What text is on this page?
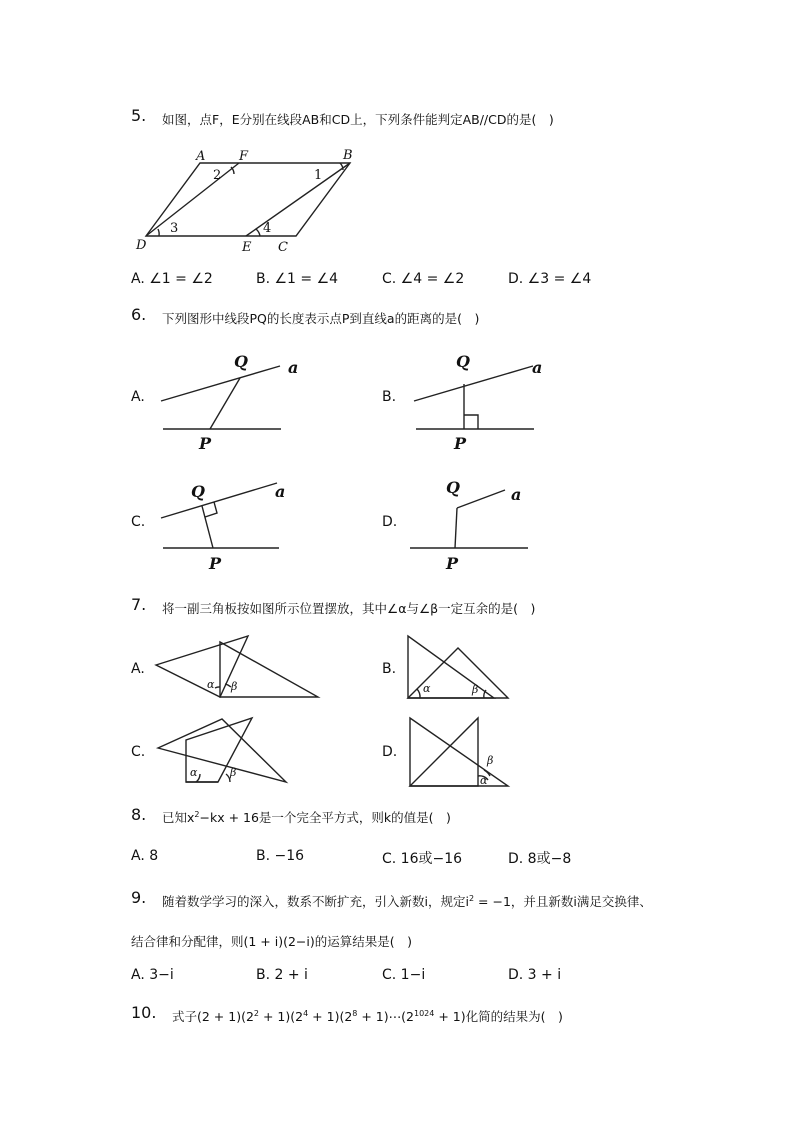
5. 如图，点F，E分别在线段AB和CD上，下列条件能判定AB//CD的是(　)
A	F	B
D	E C
1
2
3	4
A. ∠1 = ∠2	B. ∠1 = ∠4	C. ∠4 = ∠2	D. ∠3 = ∠4
6. 下列图形中线段PQ的长度表示点P到直线a的距离的是(　)
A.
Q	a
P
B.
Q	a
P
C.
Q	a
P
D.
Q	a
P
7. 将一副三角板按如图所示位置摆放，其中∠α与∠β一定互余的是(　)
A.
α β
B.
α	β
C.
α	β
D.
α
β
8. 已知$x^2-kx + 16$是一个完全平方式，则k的值是(　)
A. 8	B. −16	C. 16或−16	D. 8或−8
9. 随着数学学习的深入，数系不断扩充，引入新数i，规定$i^2 = -1$，并且新数i满足交换律、
结合律和分配律，则(1 + i)(2−i)的运算结果是(　)
A. 3−i	B. 2 + i	C. 1−i	D. 3 + i
10. 式子$(2 + 1)(2^2 + 1)(2^4 + 1)(2^8$ + $1)\cdots(2^{1024} + 1)$化简的结果为(　)
